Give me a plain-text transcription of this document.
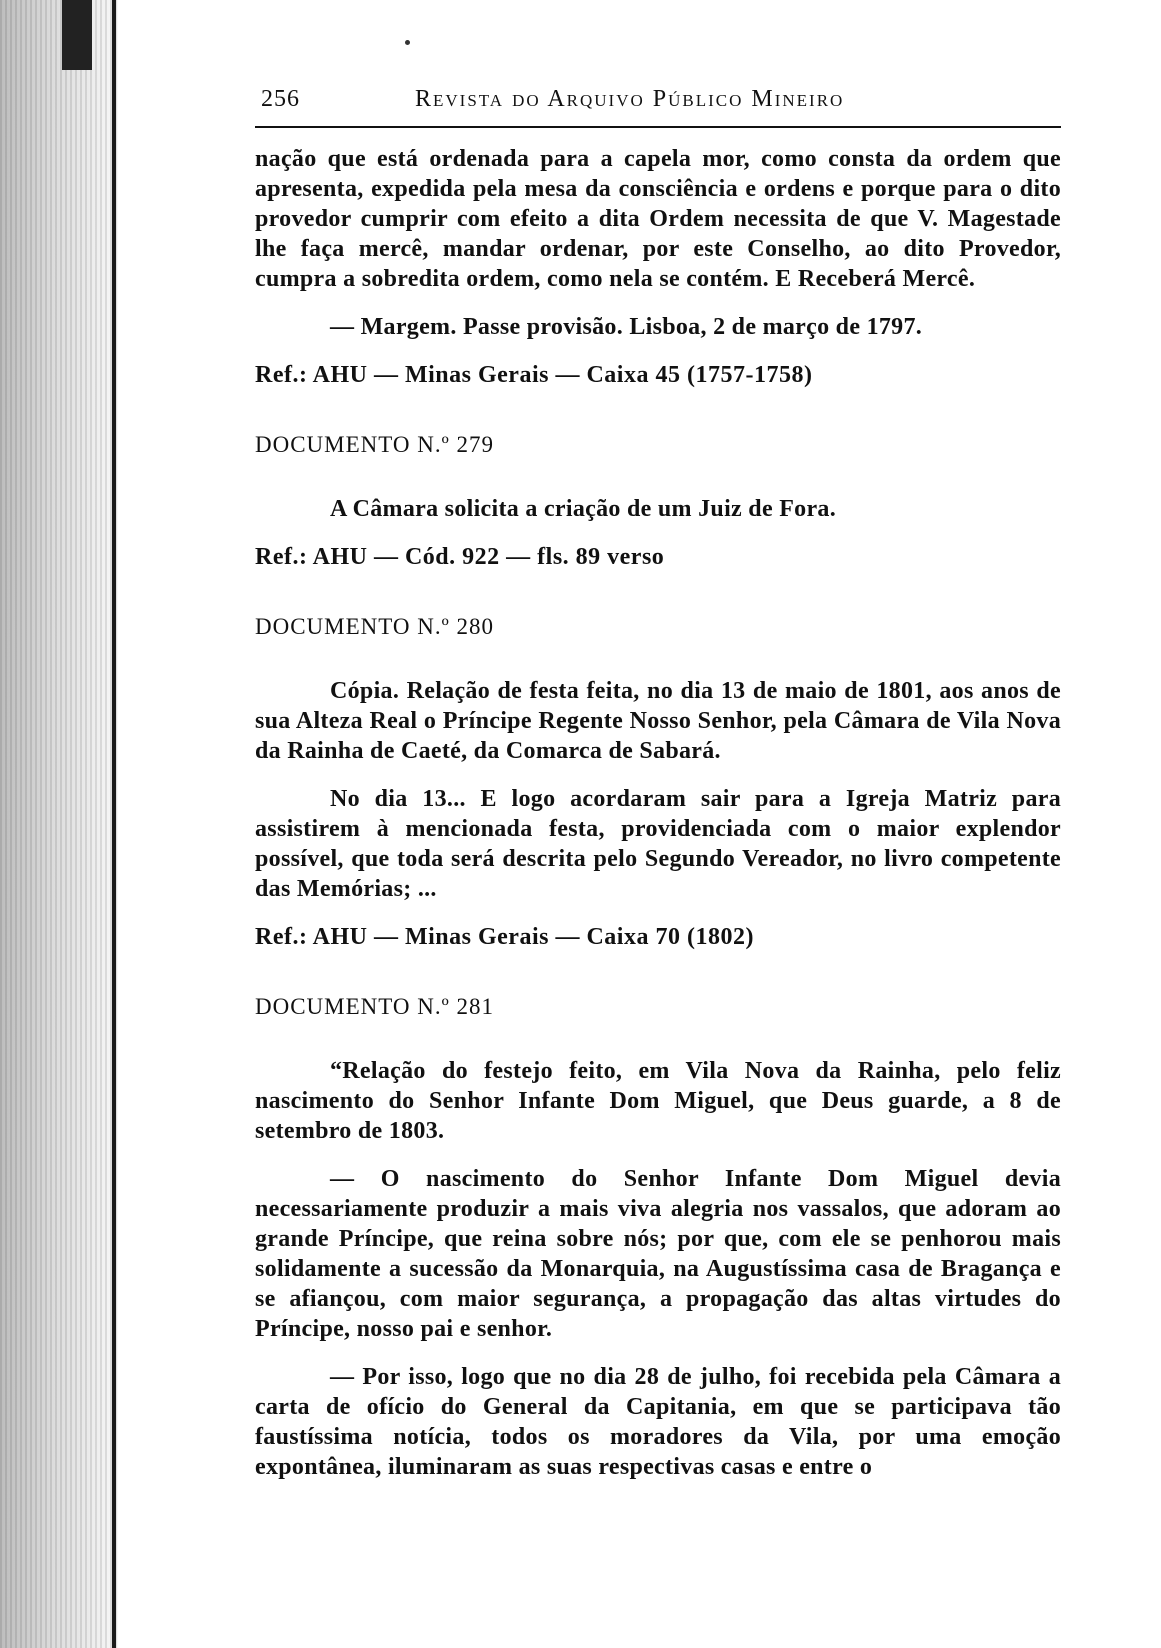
256	Revista do Arquivo Público Mineiro

nação que está ordenada para a capela mor, como consta da ordem que apresenta, expedida pela mesa da consciência e ordens e porque para o dito provedor cumprir com efeito a dita Ordem necessita de que V. Magestade lhe faça mercê, mandar ordenar, por este Conselho, ao dito Provedor, cumpra a sobredita ordem, como nela se contém. E Receberá Mercê.

— Margem. Passe provisão. Lisboa, 2 de março de 1797.

Ref.: AHU — Minas Gerais — Caixa 45 (1757-1758)

DOCUMENTO N.º 279

A Câmara solicita a criação de um Juiz de Fora.

Ref.: AHU — Cód. 922 — fls. 89 verso

DOCUMENTO N.º 280

Cópia. Relação de festa feita, no dia 13 de maio de 1801, aos anos de sua Alteza Real o Príncipe Regente Nosso Senhor, pela Câmara de Vila Nova da Rainha de Caeté, da Comarca de Sabará.

No dia 13... E logo acordaram sair para a Igreja Matriz para assistirem à mencionada festa, providenciada com o maior explendor possível, que toda será descrita pelo Segundo Vereador, no livro competente das Memórias; ...

Ref.: AHU — Minas Gerais — Caixa 70 (1802)

DOCUMENTO N.º 281

“Relação do festejo feito, em Vila Nova da Rainha, pelo feliz nascimento do Senhor Infante Dom Miguel, que Deus guarde, a 8 de setembro de 1803.

— O nascimento do Senhor Infante Dom Miguel devia necessariamente produzir a mais viva alegria nos vassalos, que adoram ao grande Príncipe, que reina sobre nós; por que, com ele se penhorou mais solidamente a sucessão da Monarquia, na Augustíssima casa de Bragança e se afiançou, com maior segurança, a propagação das altas virtudes do Príncipe, nosso pai e senhor.

— Por isso, logo que no dia 28 de julho, foi recebida pela Câmara a carta de ofício do General da Capitania, em que se participava tão faustíssima notícia, todos os moradores da Vila, por uma emoção expontânea, iluminaram as suas respectivas casas e entre o
